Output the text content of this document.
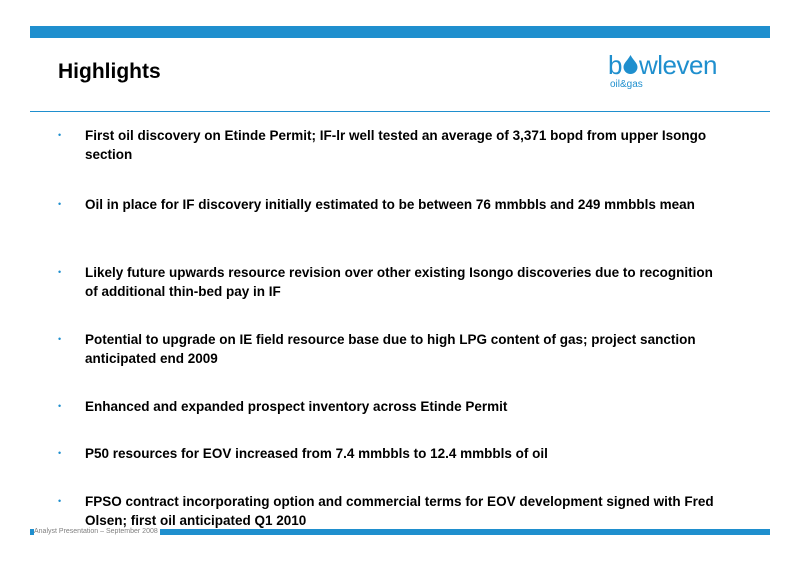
Highlights	b wleven
oil&gas
• First oil discovery on Etinde Permit; IF-lr well tested an average of 3,371 bopd from upper Isongo section
• Oil in place for IF discovery initially estimated to be between 76 mmbbls and 249 mmbbls mean
• Likely future upwards resource revision over other existing Isongo discoveries due to recognition of additional thin-bed pay in IF
• Potential to upgrade on IE field resource base due to high LPG content of gas; project sanction anticipated end 2009
• Enhanced and expanded prospect inventory across Etinde Permit
• P50 resources for EOV increased from 7.4 mmbbls to 12.4 mmbbls of oil
• FPSO contract incorporating option and commercial terms for EOV development signed with Fred Olsen; first oil anticipated Q1 2010
Analyst Presentation – September 2008
